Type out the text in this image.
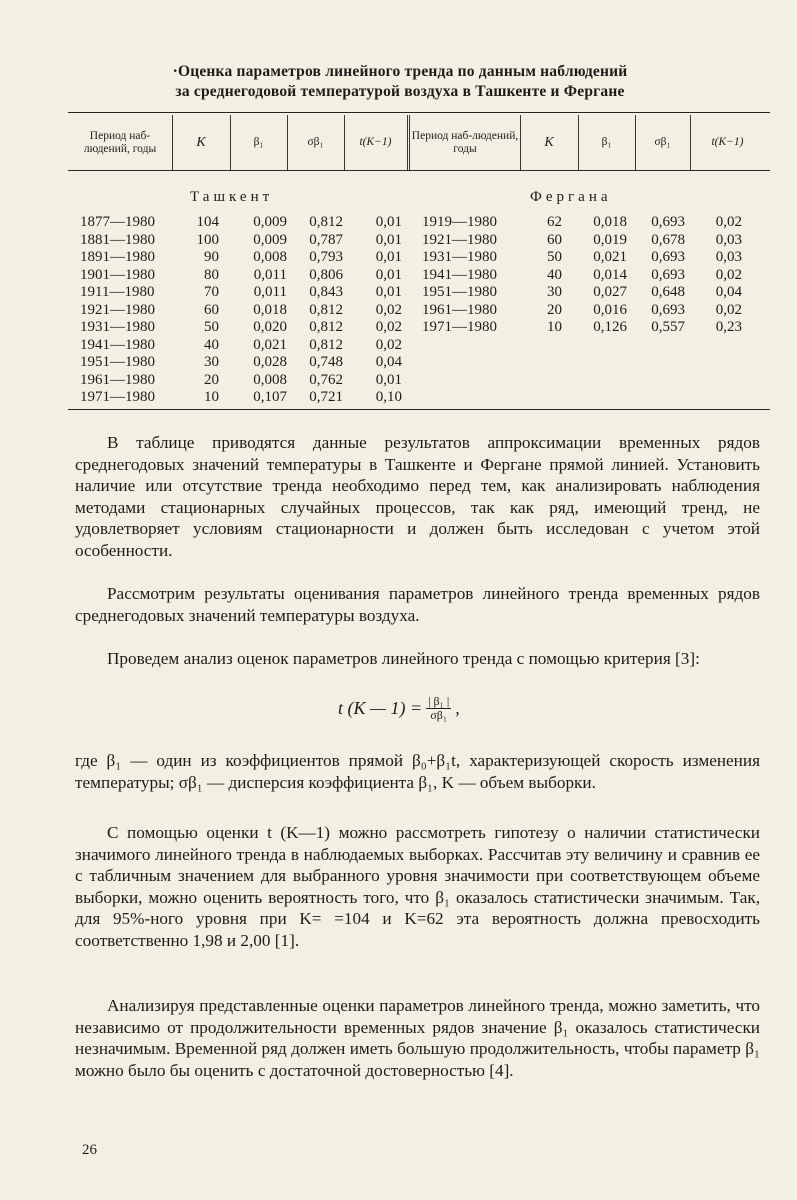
·Оценка параметров линейного тренда по данным наблюдений
за среднегодовой температурой воздуха в Ташкенте и Фергане
Период наб-людений, годы	K	β₁	σβ₁	t(K−1)
Период наб-людений, годы	K	β₁	σβ₁	t(K−1)
Ташкент	Фергана
1877—1980	104 0,009 0,812 0,01
1881—1980	100 0,009 0,787 0,01
1891—1980	90 0,008 0,793 0,01
1901—1980	80 0,011 0,806 0,01
1911—1980	70 0,011 0,843 0,01
1921—1980	60 0,018 0,812 0,02
1931—1980	50 0,020 0,812 0,02
1941—1980	40 0,021 0,812 0,02
1951—1980	30 0,028 0,748 0,04
1961—1980	20 0,008 0,762 0,01
1971—1980	10 0,107 0,721 0,10
1919—1980	62 0,018 0,693 0,02
1921—1980	60 0,019 0,678 0,03
1931—1980	50 0,021 0,693 0,03
1941—1980	40 0,014 0,693 0,02
1951—1980	30 0,027 0,648 0,04
1961—1980	20 0,016 0,693 0,02
1971—1980	10 0,126 0,557 0,23

В таблице приводятся данные результатов аппроксимации временных рядов среднегодовых значений температуры в Ташкенте и Фергане прямой линией. Установить наличие или отсутствие тренда необходимо перед тем, как анализировать наблюдения методами стационарных случайных процессов, так как ряд, имеющий тренд, не удовлетворяет условиям стационарности и должен быть исследован с учетом этой особенности.

Рассмотрим результаты оценивания параметров линейного тренда временных рядов среднегодовых значений температуры воздуха.

Проведем анализ оценок параметров линейного тренда с помощью критерия [3]:

t (K — $1) = \frac{\text{| β₁ |}}{\text{σβ₁}}$ ,

где β₁ — один из коэффициентов прямой β₀+β₁t, характеризующей скорость изменения температуры; σβ₁ — дисперсия коэффициента β₁, K — объем выборки.

С помощью оценки t (K—1) можно рассмотреть гипотезу о наличии статистически значимого линейного тренда в наблюдаемых выборках. Рассчитав эту величину и сравнив ее с табличным значением для выбранного уровня значимости при соответствующем объеме выборки, можно оценить вероятность того, что β₁ оказалось статистически значимым. Так, для 95%-ного уровня при K= =104 и K=62 эта вероятность должна превосходить соответственно 1,98 и 2,00 [1].

Анализируя представленные оценки параметров линейного тренда, можно заметить, что независимо от продолжительности временных рядов значение β₁ оказалось статистически незначимым. Временной ряд должен иметь большую продолжительность, чтобы параметр β₁ можно было бы оценить с достаточной достоверностью [4].

26
